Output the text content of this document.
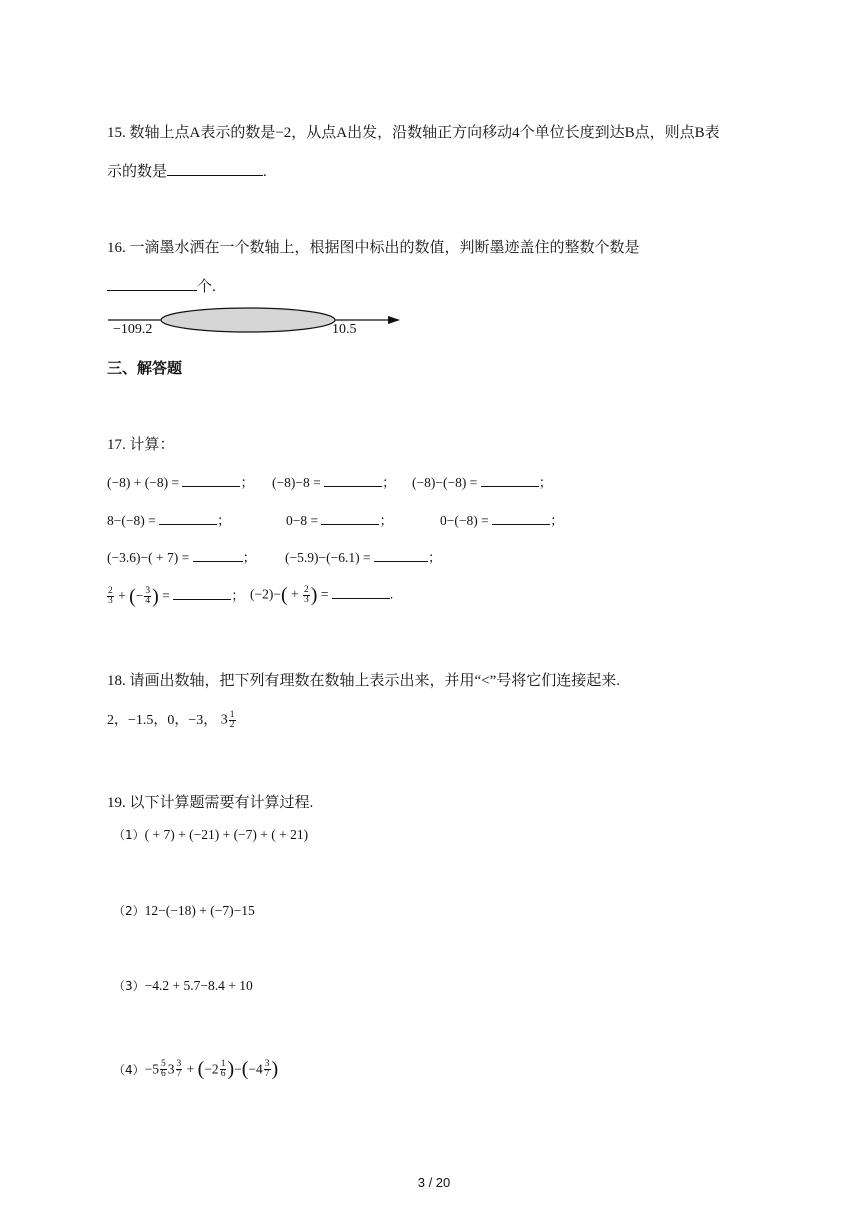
15. 数轴上点A表示的数是−2，从点A出发，沿数轴正方向移动4个单位长度到达B点，则点B表
示的数是	.
16. 一滴墨水洒在一个数轴上，根据图中标出的数值，判断墨迹盖住的整数个数是
个.
−109.2	10.5
三、解答题
17. 计算：
(−8) + (−8) =	； (−8)−8 =	； (−8)−(−8) =	；
8−(−8) =	；	0−8 =	；	0−(−8) =	；
(−3.6)−( + 7) =	； (−5.9)−(−6.1) =	；
$\frac{2}{3}$ + (− $\frac{3}{4}$ ) =	； $(-2)-( + \frac{2}{3}$ ) =	.
18. 请画出数轴，把下列有理数在数轴上表示出来，并用“<”号将它们连接起来.
2，−1.5，0，−3， $3 \frac{1}{2}$
19. 以下计算题需要有计算过程.
（1）( + 7) + (−21) + (−7) + ( + 21)
（2）12−(−18) + (−7)−15
（3）−4.2 + 5.7−8.4 + 10
$(4)-5 \frac{5}{6} 3 \frac{3}{7} + (-2 \frac{1}{6} )-(-4 \frac{3}{7}$ )
3 / 20
